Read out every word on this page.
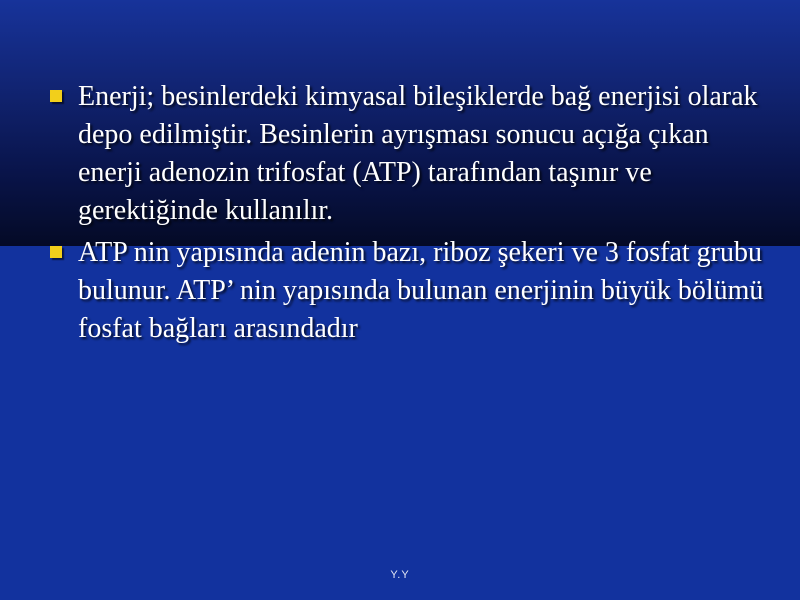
Enerji; besinlerdeki kimyasal bileşiklerde bağ enerjisi olarak depo edilmiştir. Besinlerin ayrışması sonucu açığa çıkan enerji adenozin trifosfat (ATP) tarafından taşınır ve gerektiğinde kullanılır.
ATP nin yapısında adenin bazı, riboz şekeri ve 3 fosfat grubu bulunur. ATP’ nin yapısında bulunan enerjinin büyük bölümü fosfat bağları arasındadır
Y.Y
